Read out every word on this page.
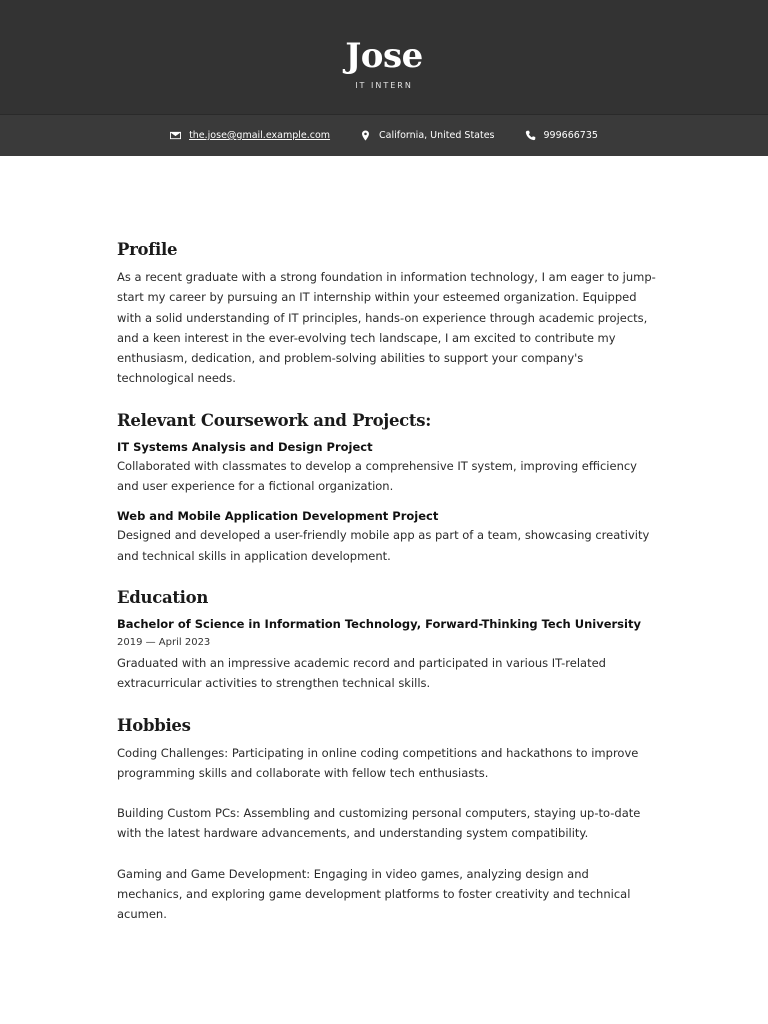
Jose
IT INTERN
the.jose@gmail.example.com	California, United States	999666735
Profile

As a recent graduate with a strong foundation in information technology, I am eager to jump-start my career by pursuing an IT internship within your esteemed organization. Equipped with a solid understanding of IT principles, hands-on experience through academic projects, and a keen interest in the ever-evolving tech landscape, I am excited to contribute my enthusiasm, dedication, and problem-solving abilities to support your company's technological needs.

Relevant Coursework and Projects:
IT Systems Analysis and Design Project

Collaborated with classmates to develop a comprehensive IT system, improving efficiency and user experience for a fictional organization.

Web and Mobile Application Development Project

Designed and developed a user-friendly mobile app as part of a team, showcasing creativity and technical skills in application development.

Education
Bachelor of Science in Information Technology, Forward-Thinking Tech University
2019 — April 2023

Graduated with an impressive academic record and participated in various IT-related extracurricular activities to strengthen technical skills.

Hobbies

Coding Challenges: Participating in online coding competitions and hackathons to improve programming skills and collaborate with fellow tech enthusiasts.

Building Custom PCs: Assembling and customizing personal computers, staying up-to-date with the latest hardware advancements, and understanding system compatibility.

Gaming and Game Development: Engaging in video games, analyzing design and mechanics, and exploring game development platforms to foster creativity and technical acumen.
